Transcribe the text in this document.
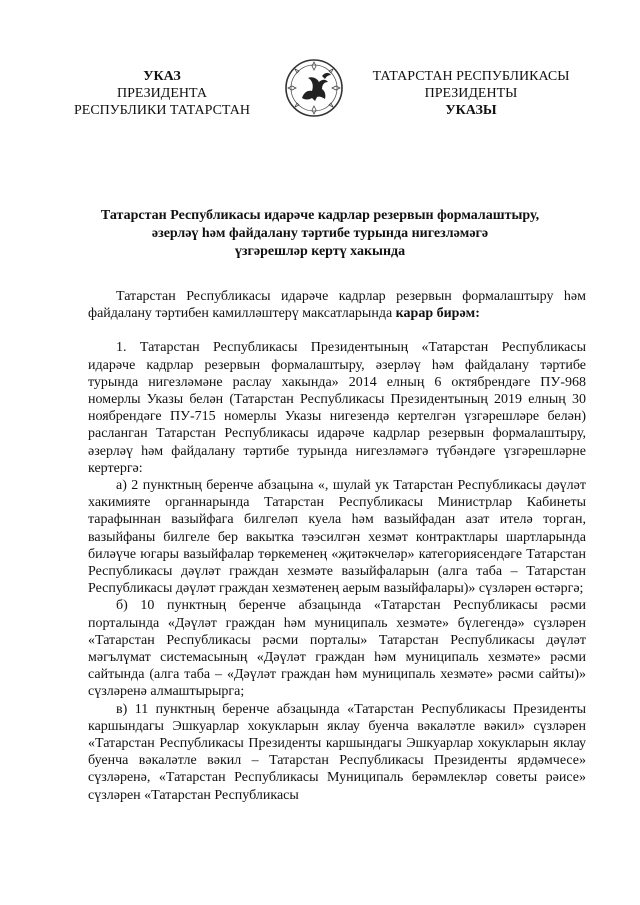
УКАЗ
ПРЕЗИДЕНТА
РЕСПУБЛИКИ ТАТАРСТАН
ТАТАРСТАН РЕСПУБЛИКАСЫ
ПРЕЗИДЕНТЫ
УКАЗЫ
Татарстан Республикасы идарәче кадрлар резервын формалаштыру,
әзерләү һәм файдалану тәртибе турында нигезләмәгә
үзгәрешләр кертү хакында

Татарстан Республикасы идарәче кадрлар резервын формалаштыру һәм файдалану тәртибен камилләштерү максатларында карар бирәм:

1. Татарстан Республикасы Президентының «Татарстан Республикасы идарәче кадрлар резервын формалаштыру, әзерләү һәм файдалану тәртибе турында нигезләмәне раслау хакында» 2014 елның 6 октябрендәге ПУ-968 номерлы Указы белән (Татарстан Республикасы Президентының 2019 елның 30 ноябрендәге ПУ-715 номерлы Указы нигезендә кертелгән үзгәрешләре белән) расланган Татарстан Республикасы идарәче кадрлар резервын формалаштыру, әзерләү һәм файдалану тәртибе турында нигезләмәгә түбәндәге үзгәрешләрне кертергә:

а) 2 пунктның беренче абзацына «, шулай ук Татарстан Республикасы дәүләт хакимияте органнарында Татарстан Республикасы Министрлар Кабинеты тарафыннан вазыйфага билгеләп куела һәм вазыйфадан азат ителә торган, вазыйфаны билгеле бер вакытка тәэсилгән хезмәт контрактлары шартларында биләүче югары вазыйфалар төркеменең «җитәкчеләр» категориясендәге Татарстан Республикасы дәүләт граждан хезмәте вазыйфаларын (алга таба – Татарстан Республикасы дәүләт граждан хезмәтенең аерым вазыйфалары)» сүзләрен өстәргә;

б) 10 пунктның беренче абзацында «Татарстан Республикасы рәсми порталында «Дәүләт граждан һәм муниципаль хезмәте» бүлегендә» сүзләрен «Татарстан Республикасы рәсми порталы» Татарстан Республикасы дәүләт мәгълүмат системасының «Дәүләт граждан һәм муниципаль хезмәте» рәсми сайтында (алга таба – «Дәүләт граждан һәм муниципаль хезмәте» рәсми сайты)» сүзләренә алмаштырырга;

в) 11 пунктның беренче абзацында «Татарстан Республикасы Президенты каршындагы Эшкуарлар хокукларын яклау буенча вәкаләтле вәкил» сүзләрен «Татарстан Республикасы Президенты каршындагы Эшкуарлар хокукларын яклау буенча вәкаләтле вәкил – Татарстан Республикасы Президенты ярдәмчесе» сүзләренә, «Татарстан Республикасы Муниципаль берәмлекләр советы рәисе» сүзләрен «Татарстан Республикасы
